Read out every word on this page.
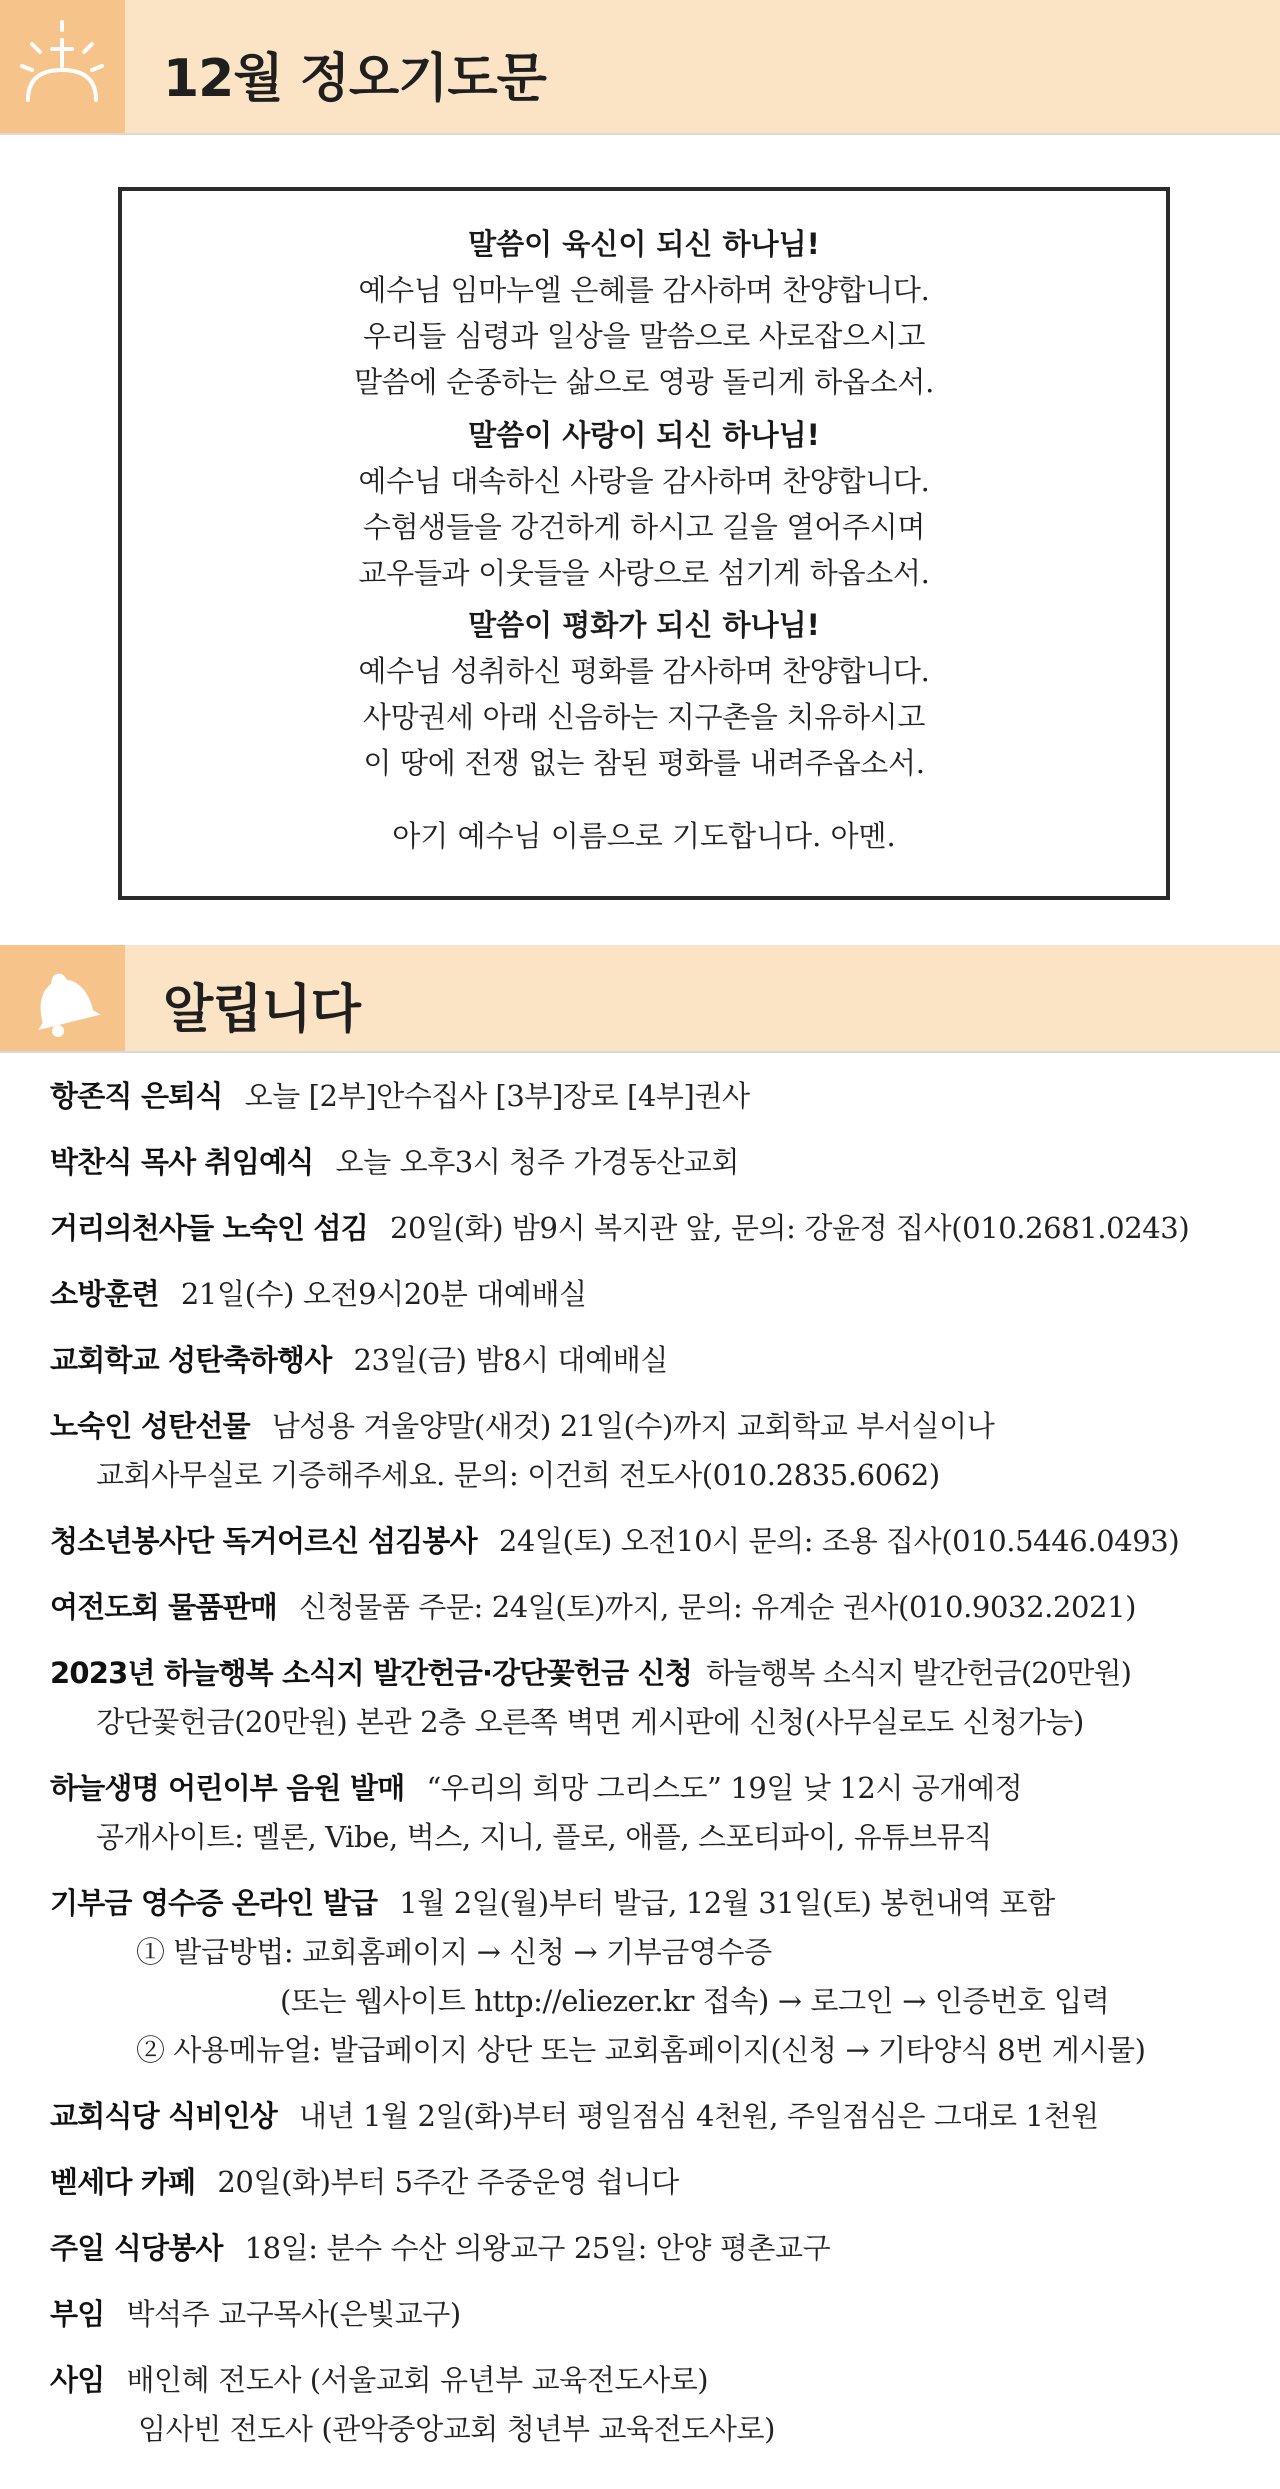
12월 정오기도문
말씀이 육신이 되신 하나님!
예수님 임마누엘 은혜를 감사하며 찬양합니다.
우리들 심령과 일상을 말씀으로 사로잡으시고
말씀에 순종하는 삶으로 영광 돌리게 하옵소서.
말씀이 사랑이 되신 하나님!
예수님 대속하신 사랑을 감사하며 찬양합니다.
수험생들을 강건하게 하시고 길을 열어주시며
교우들과 이웃들을 사랑으로 섬기게 하옵소서.
말씀이 평화가 되신 하나님!
예수님 성취하신 평화를 감사하며 찬양합니다.
사망권세 아래 신음하는 지구촌을 치유하시고
이 땅에 전쟁 없는 참된 평화를 내려주옵소서.
아기 예수님 이름으로 기도합니다. 아멘.
알립니다
항존직 은퇴식 오늘 [2부]안수집사 [3부]장로 [4부]권사
박찬식 목사 취임예식 오늘 오후3시 청주 가경동산교회
거리의천사들 노숙인 섬김 20일(화) 밤9시 복지관 앞, 문의: 강윤정 집사(010.2681.0243)
소방훈련 21일(수) 오전9시20분 대예배실
교회학교 성탄축하행사 23일(금) 밤8시 대예배실
노숙인 성탄선물 남성용 겨울양말(새것) 21일(수)까지 교회학교 부서실이나
교회사무실로 기증해주세요. 문의: 이건희 전도사(010.2835.6062)
청소년봉사단 독거어르신 섬김봉사 24일(토) 오전10시 문의: 조용 집사(010.5446.0493)
여전도회 물품판매 신청물품 주문: 24일(토)까지, 문의: 유계순 권사(010.9032.2021)
2023년 하늘행복 소식지 발간헌금·강단꽃헌금 신청 하늘행복 소식지 발간헌금(20만원)
강단꽃헌금(20만원) 본관 2층 오른쪽 벽면 게시판에 신청(사무실로도 신청가능)
하늘생명 어린이부 음원 발매 “우리의 희망 그리스도” 19일 낮 12시 공개예정
공개사이트: 멜론, Vibe, 벅스, 지니, 플로, 애플, 스포티파이, 유튜브뮤직
기부금 영수증 온라인 발급 1월 2일(월)부터 발급, 12월 31일(토) 봉헌내역 포함
① 발급방법: 교회홈페이지 → 신청 → 기부금영수증
(또는 웹사이트 http://eliezer.kr 접속) → 로그인 → 인증번호 입력
② 사용메뉴얼: 발급페이지 상단 또는 교회홈페이지(신청 → 기타양식 8번 게시물)
교회식당 식비인상 내년 1월 2일(화)부터 평일점심 4천원, 주일점심은 그대로 1천원
벧세다 카페 20일(화)부터 5주간 주중운영 쉽니다
주일 식당봉사 18일: 분수 수산 의왕교구 25일: 안양 평촌교구
부임 박석주 교구목사(은빛교구)
사임 배인혜 전도사 (서울교회 유년부 교육전도사로)
임사빈 전도사 (관악중앙교회 청년부 교육전도사로)
